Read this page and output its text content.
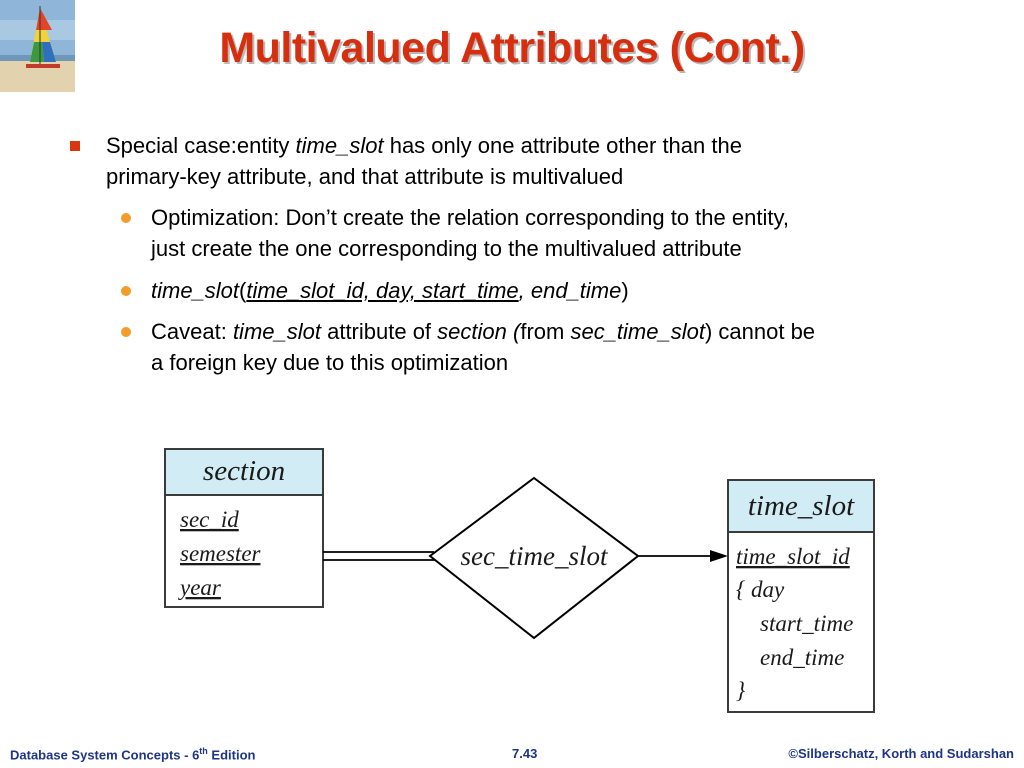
Multivalued Attributes (Cont.)
Special case:entity time_slot has only one attribute other than the
primary-key attribute, and that attribute is multivalued
Optimization: Don’t create the relation corresponding to the entity,
just create the one corresponding to the multivalued attribute
time_slot(time_slot_id, day, start_time, end_time)
Caveat: time_slot attribute of section (from sec_time_slot) cannot be
a foreign key due to this optimization
section
sec_id
semester
year
sec_time_slot
time_slot
time_slot_id
{ day
start_time
end_time
}
Database System Concepts - 6th Edition	7.43	©Silberschatz, Korth and Sudarshan
